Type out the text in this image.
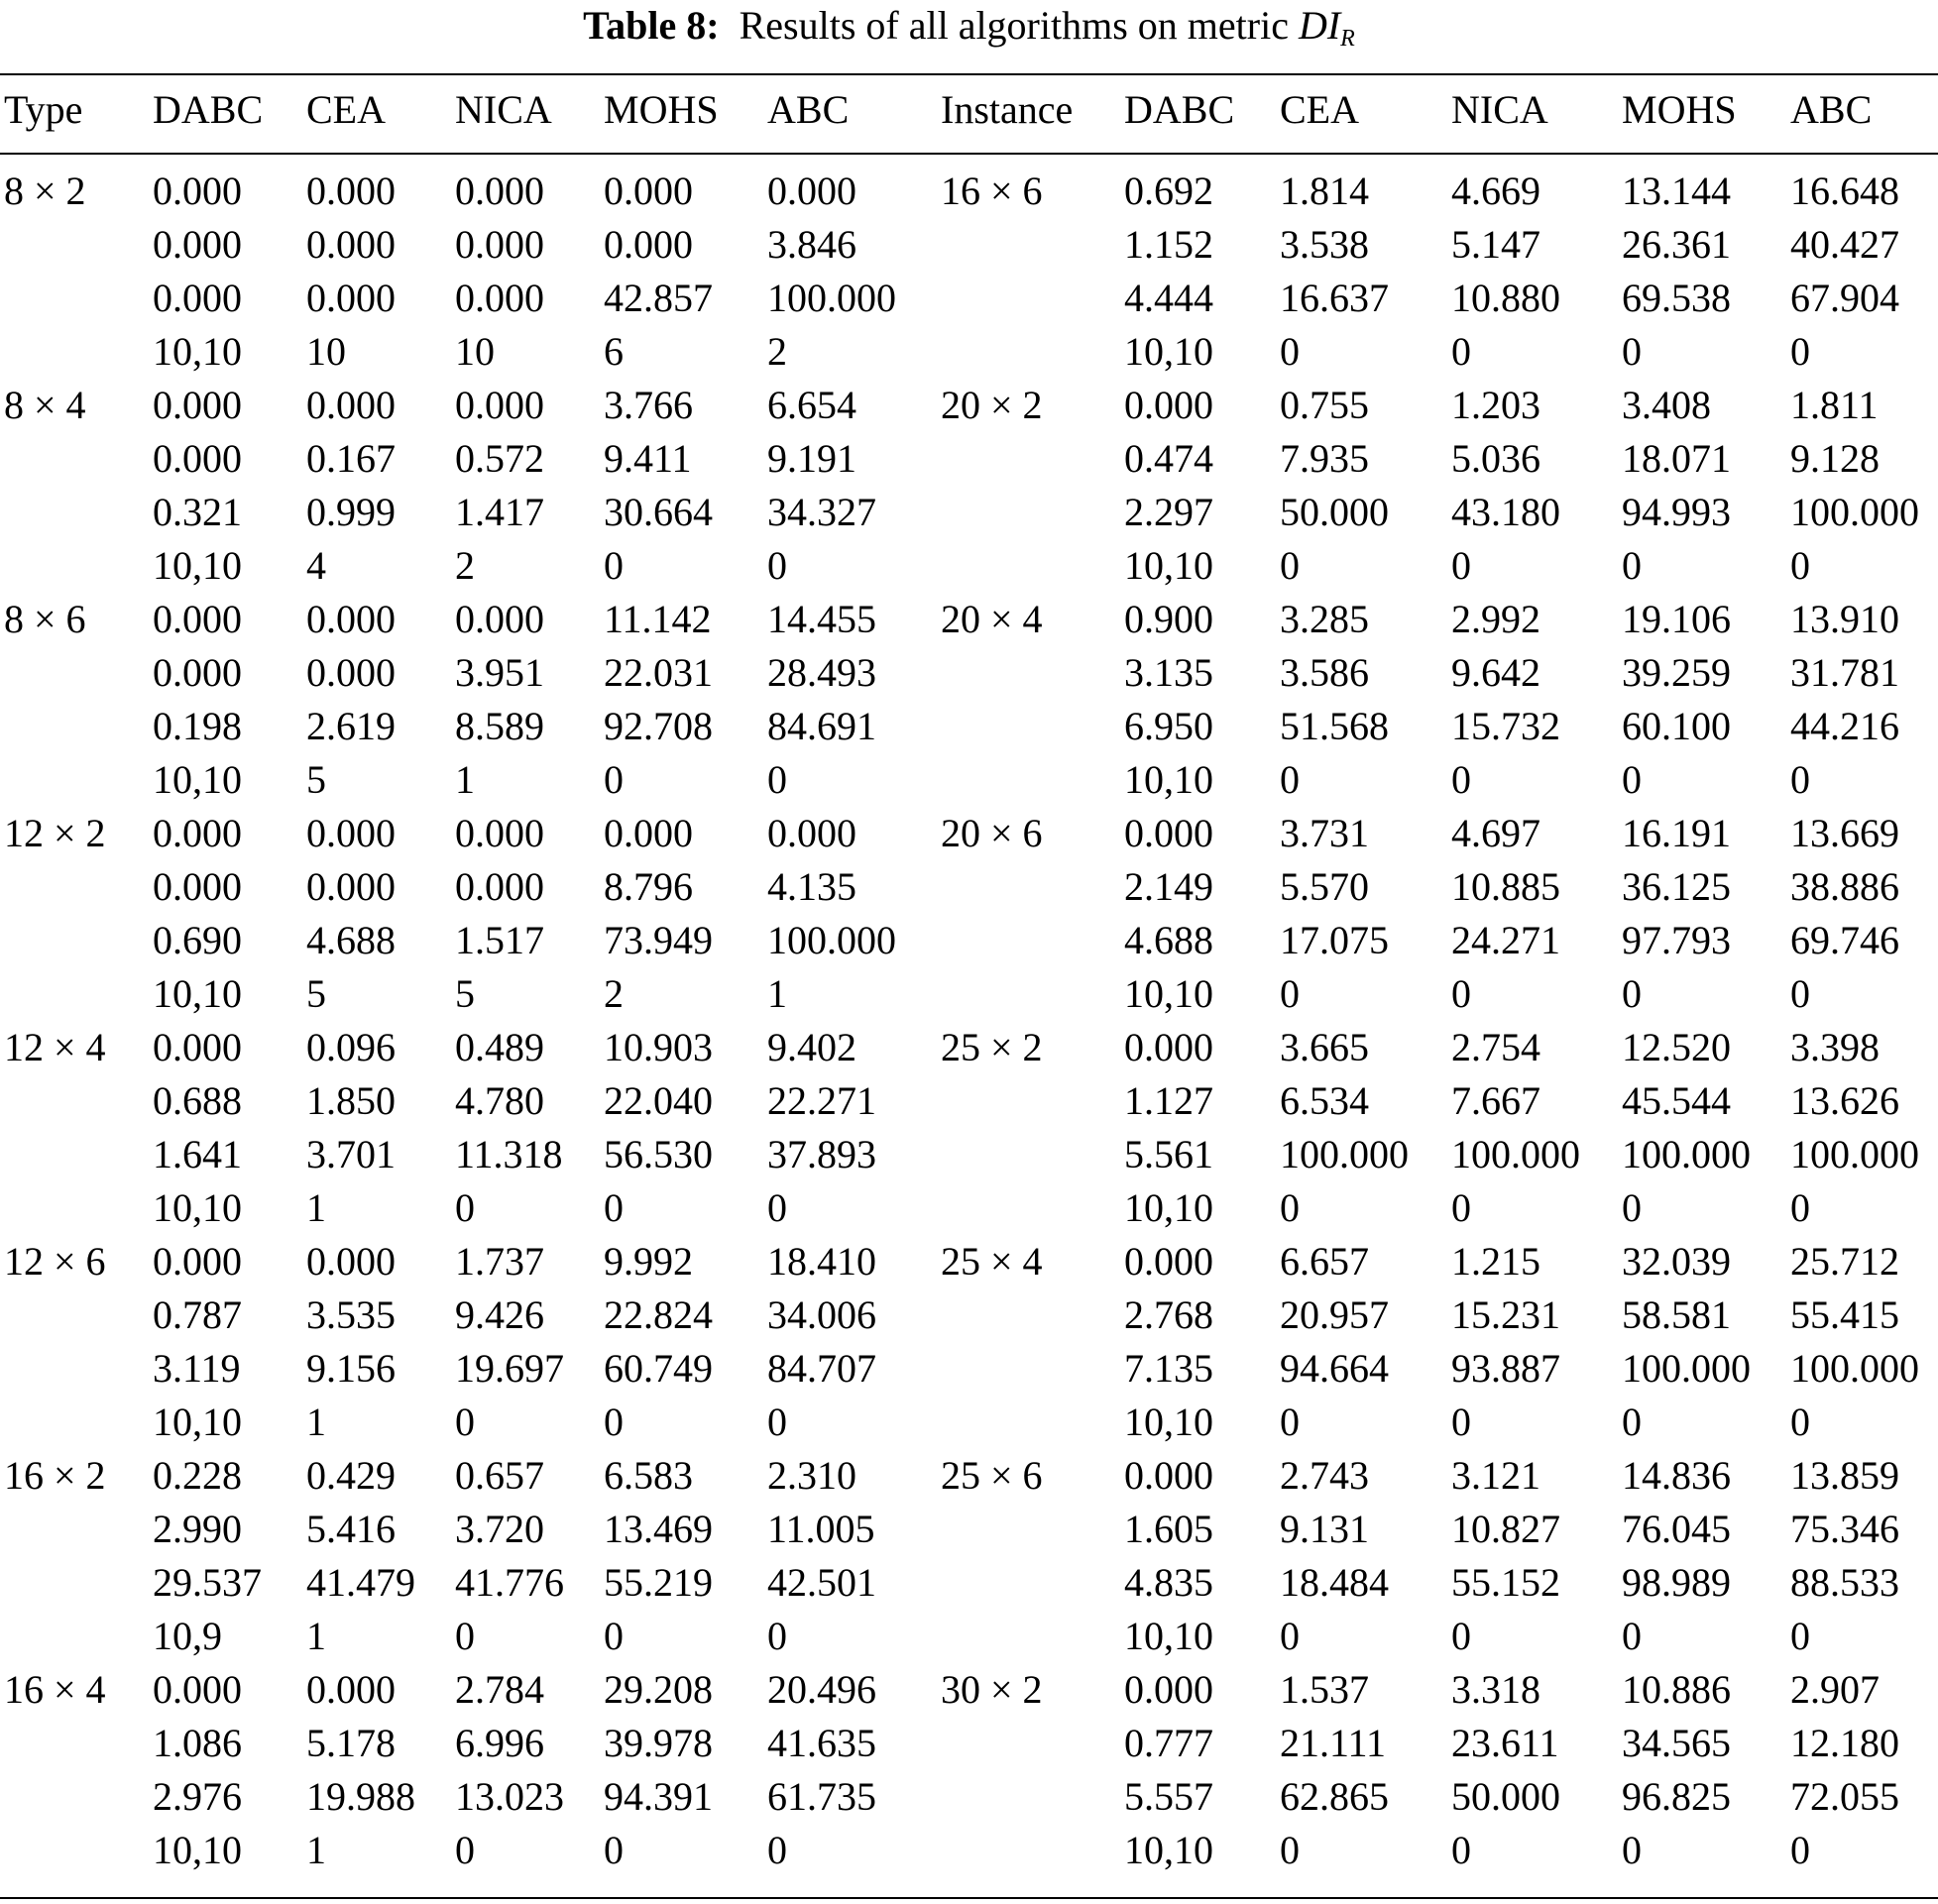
Table 8: Results of all algorithms on metric DIR
Type	DABC	CEA	NICA	MOHS	ABC	Instance	DABC	CEA	NICA	MOHS	ABC
8 × 2	0.000	0.000	0.000	0.000	0.000	16 × 6	0.692	1.814	4.669	13.144	16.648
	0.000	0.000	0.000	0.000	3.846		1.152	3.538	5.147	26.361	40.427
	0.000	0.000	0.000	42.857	100.000		4.444	16.637	10.880	69.538	67.904
	10,10	10	10	6	2		10,10	0	0	0	0
8 × 4	0.000	0.000	0.000	3.766	6.654	20 × 2	0.000	0.755	1.203	3.408	1.811
	0.000	0.167	0.572	9.411	9.191		0.474	7.935	5.036	18.071	9.128
	0.321	0.999	1.417	30.664	34.327		2.297	50.000	43.180	94.993	100.000
	10,10	4	2	0	0		10,10	0	0	0	0
8 × 6	0.000	0.000	0.000	11.142	14.455	20 × 4	0.900	3.285	2.992	19.106	13.910
	0.000	0.000	3.951	22.031	28.493		3.135	3.586	9.642	39.259	31.781
	0.198	2.619	8.589	92.708	84.691		6.950	51.568	15.732	60.100	44.216
	10,10	5	1	0	0		10,10	0	0	0	0
12 × 2	0.000	0.000	0.000	0.000	0.000	20 × 6	0.000	3.731	4.697	16.191	13.669
	0.000	0.000	0.000	8.796	4.135		2.149	5.570	10.885	36.125	38.886
	0.690	4.688	1.517	73.949	100.000		4.688	17.075	24.271	97.793	69.746
	10,10	5	5	2	1		10,10	0	0	0	0
12 × 4	0.000	0.096	0.489	10.903	9.402	25 × 2	0.000	3.665	2.754	12.520	3.398
	0.688	1.850	4.780	22.040	22.271		1.127	6.534	7.667	45.544	13.626
	1.641	3.701	11.318	56.530	37.893		5.561	100.000	100.000	100.000	100.000
	10,10	1	0	0	0		10,10	0	0	0	0
12 × 6	0.000	0.000	1.737	9.992	18.410	25 × 4	0.000	6.657	1.215	32.039	25.712
	0.787	3.535	9.426	22.824	34.006		2.768	20.957	15.231	58.581	55.415
	3.119	9.156	19.697	60.749	84.707		7.135	94.664	93.887	100.000	100.000
	10,10	1	0	0	0		10,10	0	0	0	0
16 × 2	0.228	0.429	0.657	6.583	2.310	25 × 6	0.000	2.743	3.121	14.836	13.859
	2.990	5.416	3.720	13.469	11.005		1.605	9.131	10.827	76.045	75.346
	29.537	41.479	41.776	55.219	42.501		4.835	18.484	55.152	98.989	88.533
	10,9	1	0	0	0		10,10	0	0	0	0
16 × 4	0.000	0.000	2.784	29.208	20.496	30 × 2	0.000	1.537	3.318	10.886	2.907
	1.086	5.178	6.996	39.978	41.635		0.777	21.111	23.611	34.565	12.180
	2.976	19.988	13.023	94.391	61.735		5.557	62.865	50.000	96.825	72.055
	10,10	1	0	0	0		10,10	0	0	0	0
